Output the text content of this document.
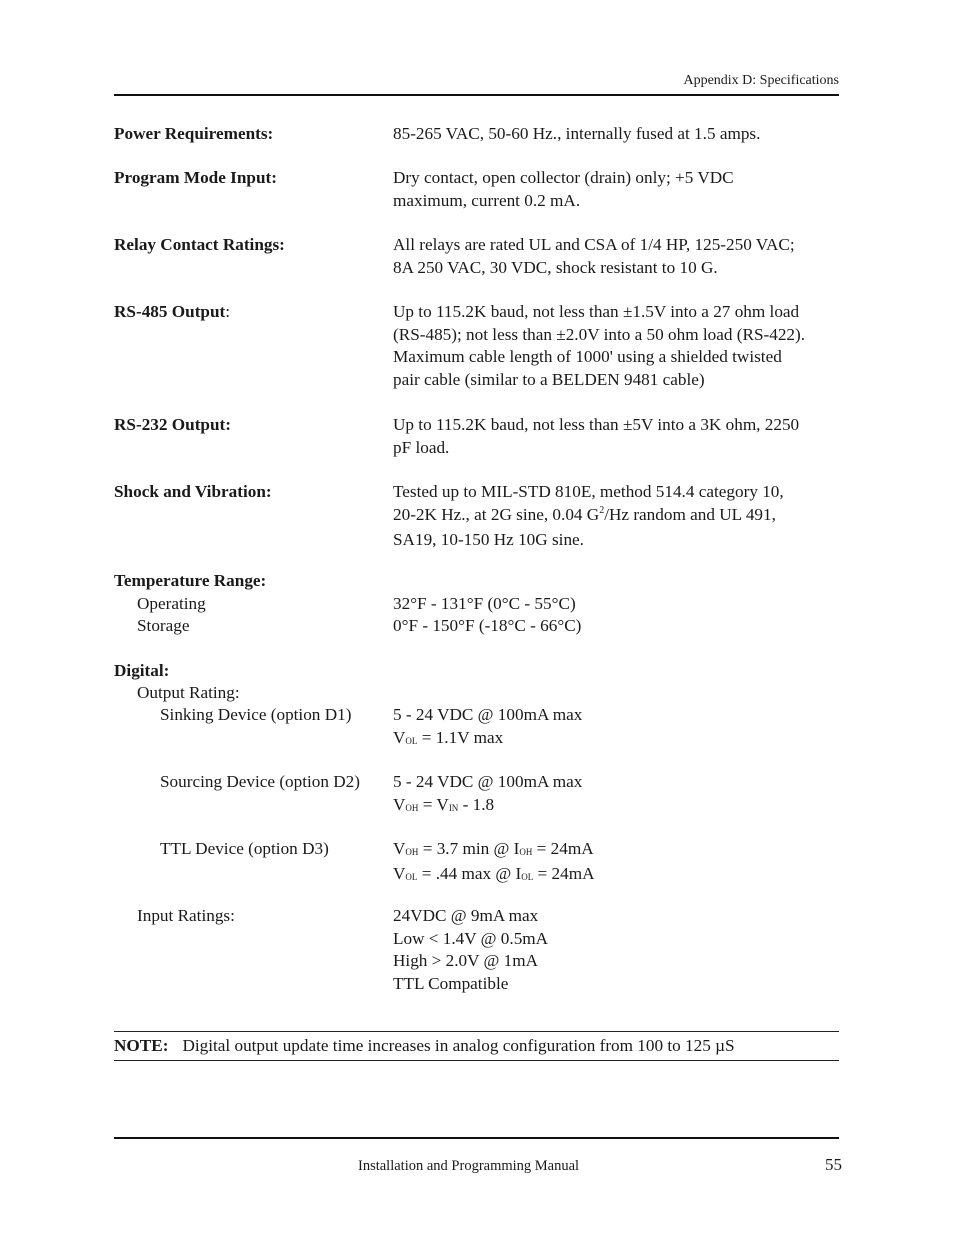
Appendix D: Specifications
Power Requirements:	85-265 VAC, 50-60 Hz., internally fused at 1.5 amps.
Program Mode Input:	Dry contact, open collector (drain) only; +5 VDC
maximum, current 0.2 mA.
Relay Contact Ratings:	All relays are rated UL and CSA of 1/4 HP, 125-250 VAC;
8A 250 VAC, 30 VDC, shock resistant to 10 G.
RS-485 Output:	Up to 115.2K baud, not less than ±1.5V into a 27 ohm load
(RS-485); not less than ±2.0V into a 50 ohm load (RS-422).
Maximum cable length of 1000' using a shielded twisted
pair cable (similar to a BELDEN 9481 cable)
RS-232 Output:	Up to 115.2K baud, not less than ±5V into a 3K ohm, 2250
pF load.
Shock and Vibration:	Tested up to MIL-STD 810E, method 514.4 category 10,
20-2K Hz., at 2G sine, 0.04 $G^2/Hz$ random and UL 491,
SA19, 10-150 Hz 10G sine.
Temperature Range:
Operating	32°F - 131°F (0°C - 55°C)
Storage	0°F - 150°F (-18°C - 66°C)
Digital:
Output Rating:
Sinking Device (option D1) 5 - 24 VDC @ 100mA max
$V_{OL} = 1.1V$ max
Sourcing Device (option D2) 5 - 24 VDC @ 100mA max
$V_{OH} = V_{IN} - 1.8$
TTL Device (option D3)	$V_{OH} = 3.7$ min @ $I_{OH} = 24mA$
$V_{OL} = .44$ max @ $I_{OL} = 24mA$
Input Ratings:	24VDC @ 9mA max
Low < 1.4V @ 0.5mA
High > 2.0V @ 1mA
TTL Compatible
NOTE: Digital output update time increases in analog configuration from 100 to 125 µS
Installation and Programming Manual	55
